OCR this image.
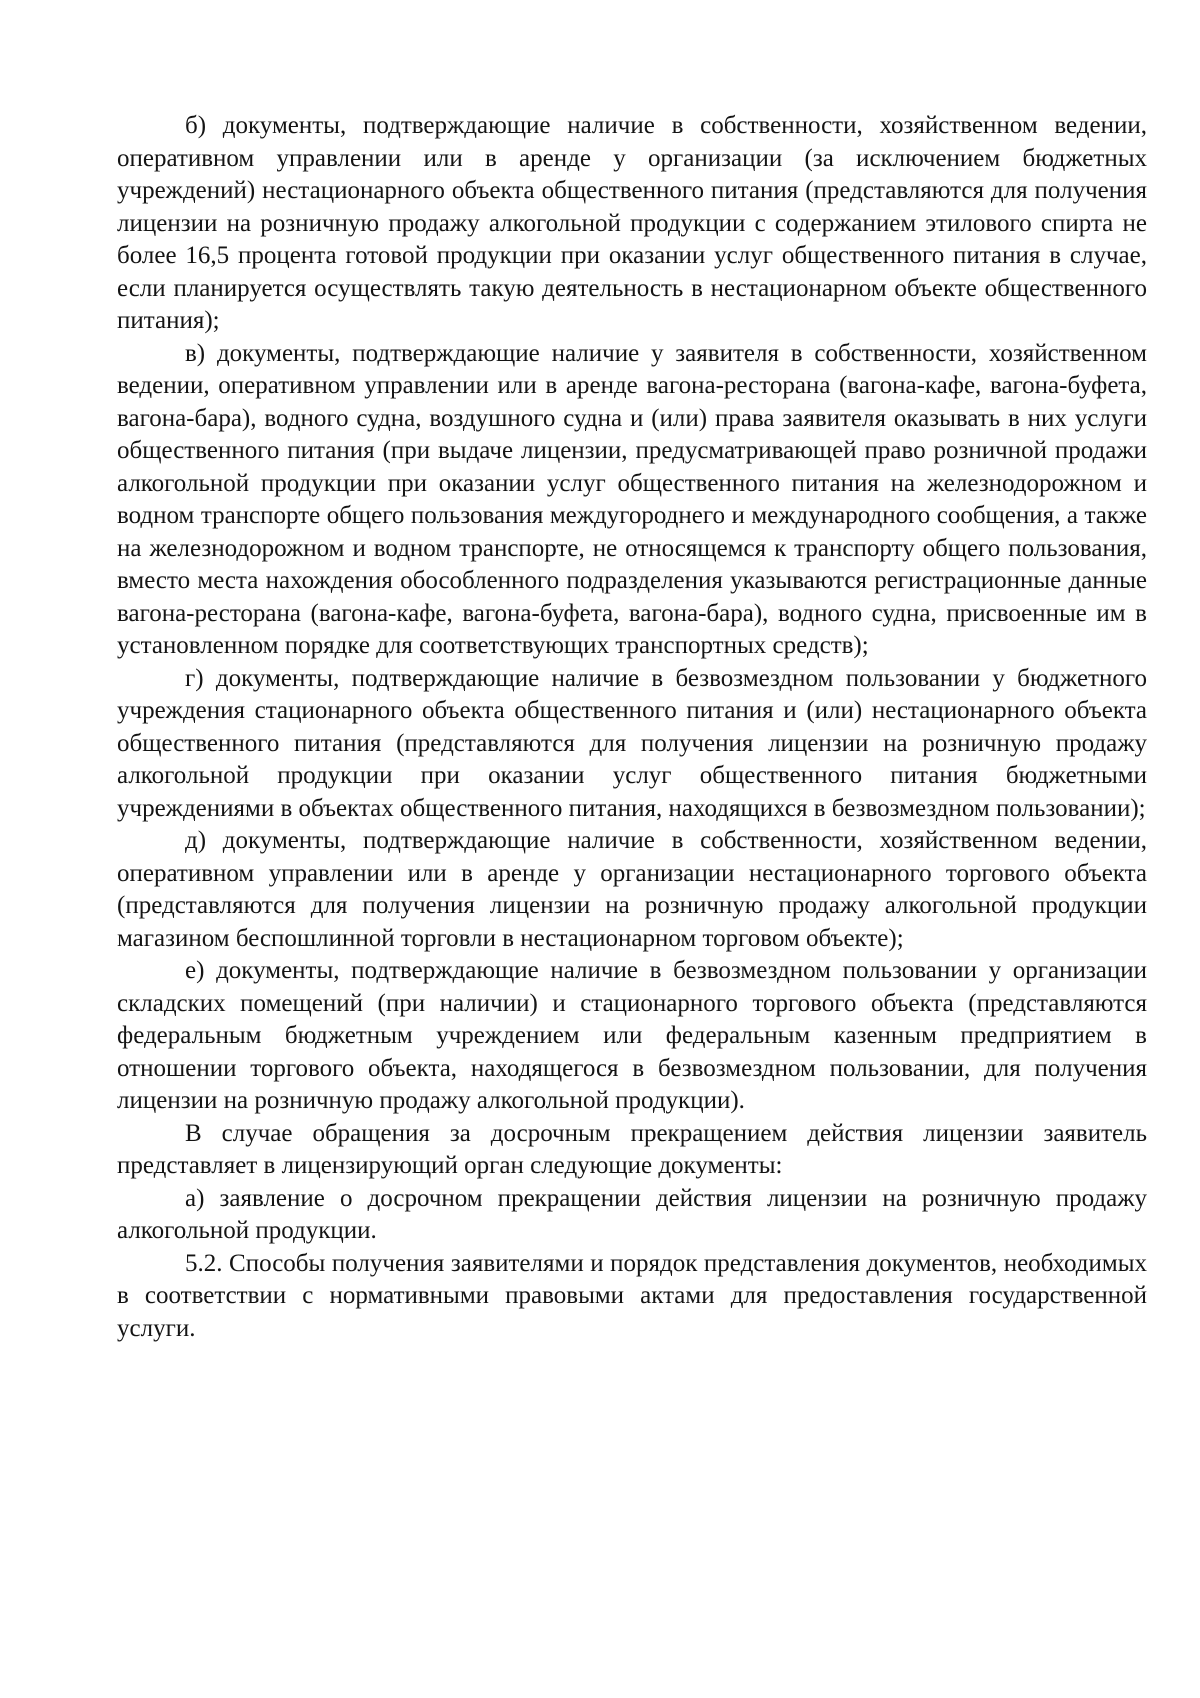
б) документы, подтверждающие наличие в собственности, хозяйственном ведении, оперативном управлении или в аренде у организации (за исключением бюджетных учреждений) нестационарного объекта общественного питания (представляются для получения лицензии на розничную продажу алкогольной продукции с содержанием этилового спирта не более 16,5 процента готовой продукции при оказании услуг общественного питания в случае, если планируется осуществлять такую деятельность в нестационарном объекте общественного питания);

в) документы, подтверждающие наличие у заявителя в собственности, хозяйственном ведении, оперативном управлении или в аренде вагона-ресторана (вагона-кафе, вагона-буфета, вагона-бара), водного судна, воздушного судна и (или) права заявителя оказывать в них услуги общественного питания (при выдаче лицензии, предусматривающей право розничной продажи алкогольной продукции при оказании услуг общественного питания на железнодорожном и водном транспорте общего пользования междугороднего и международного сообщения, а также на железнодорожном и водном транспорте, не относящемся к транспорту общего пользования, вместо места нахождения обособленного подразделения указываются регистрационные данные вагона-ресторана (вагона-кафе, вагона-буфета, вагона-бара), водного судна, присвоенные им в установленном порядке для соответствующих транспортных средств);

г) документы, подтверждающие наличие в безвозмездном пользовании у бюджетного учреждения стационарного объекта общественного питания и (или) нестационарного объекта общественного питания (представляются для получения лицензии на розничную продажу алкогольной продукции при оказании услуг общественного питания бюджетными учреждениями в объектах общественного питания, находящихся в безвозмездном пользовании);

д) документы, подтверждающие наличие в собственности, хозяйственном ведении, оперативном управлении или в аренде у организации нестационарного торгового объекта (представляются для получения лицензии на розничную продажу алкогольной продукции магазином беспошлинной торговли в нестационарном торговом объекте);

е) документы, подтверждающие наличие в безвозмездном пользовании у организации складских помещений (при наличии) и стационарного торгового объекта (представляются федеральным бюджетным учреждением или федеральным казенным предприятием в отношении торгового объекта, находящегося в безвозмездном пользовании, для получения лицензии на розничную продажу алкогольной продукции).

В случае обращения за досрочным прекращением действия лицензии заявитель представляет в лицензирующий орган следующие документы:

а) заявление о досрочном прекращении действия лицензии на розничную продажу алкогольной продукции.

5.2. Способы получения заявителями и порядок представления документов, необходимых в соответствии с нормативными правовыми актами для предоставления государственной услуги.
